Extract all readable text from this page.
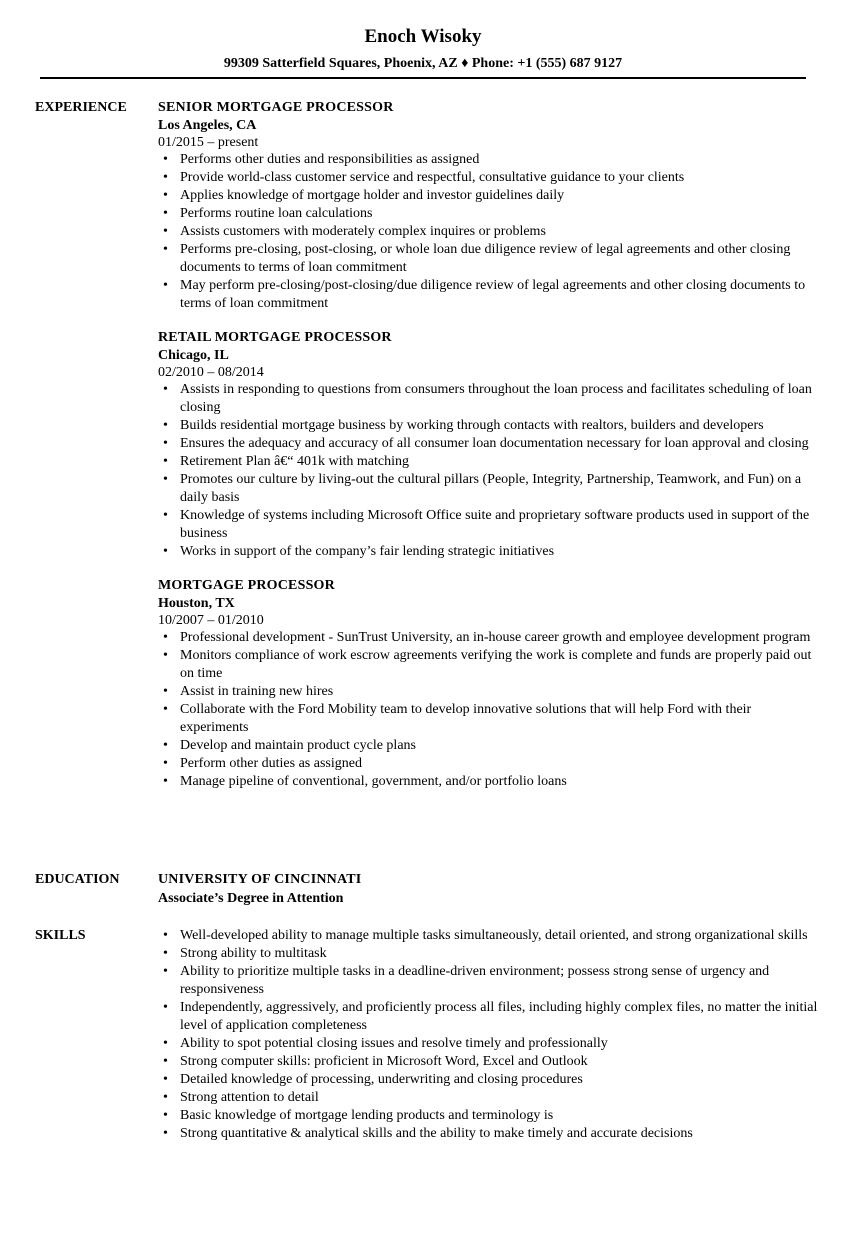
Enoch Wisoky
99309 Satterfield Squares, Phoenix, AZ ♦ Phone: +1 (555) 687 9127
EXPERIENCE	SENIOR MORTGAGE PROCESSOR
Los Angeles, CA
01/2015 – present
• Performs other duties and responsibilities as assigned
• Provide world-class customer service and respectful, consultative guidance to your clients
• Applies knowledge of mortgage holder and investor guidelines daily
• Performs routine loan calculations
• Assists customers with moderately complex inquires or problems
• Performs pre-closing, post-closing, or whole loan due diligence review of legal agreements and other closing documents to terms of loan commitment
• May perform pre-closing/post-closing/due diligence review of legal agreements and other closing documents to terms of loan commitment
RETAIL MORTGAGE PROCESSOR
Chicago, IL
02/2010 – 08/2014
• Assists in responding to questions from consumers throughout the loan process and facilitates scheduling of loan closing
• Builds residential mortgage business by working through contacts with realtors, builders and developers
• Ensures the adequacy and accuracy of all consumer loan documentation necessary for loan approval and closing
• Retirement Plan â€“ 401k with matching
• Promotes our culture by living-out the cultural pillars (People, Integrity, Partnership, Teamwork, and Fun) on a daily basis
• Knowledge of systems including Microsoft Office suite and proprietary software products used in support of the business
• Works in support of the company’s fair lending strategic initiatives
MORTGAGE PROCESSOR
Houston, TX
10/2007 – 01/2010
• Professional development - SunTrust University, an in-house career growth and employee development program
• Monitors compliance of work escrow agreements verifying the work is complete and funds are properly paid out on time
• Assist in training new hires
• Collaborate with the Ford Mobility team to develop innovative solutions that will help Ford with their experiments
• Develop and maintain product cycle plans
• Perform other duties as assigned
• Manage pipeline of conventional, government, and/or portfolio loans
EDUCATION	UNIVERSITY OF CINCINNATI
Associate’s Degree in Attention
SKILLS
•	Well-developed ability to manage multiple tasks simultaneously, detail oriented, and strong organizational skills
• Strong ability to multitask
• Ability to prioritize multiple tasks in a deadline-driven environment; possess strong sense of urgency and responsiveness
• Independently, aggressively, and proficiently process all files, including highly complex files, no matter the initial level of application completeness
• Ability to spot potential closing issues and resolve timely and professionally
• Strong computer skills: proficient in Microsoft Word, Excel and Outlook
• Detailed knowledge of processing, underwriting and closing procedures
• Strong attention to detail
• Basic knowledge of mortgage lending products and terminology is
• Strong quantitative & analytical skills and the ability to make timely and accurate decisions
